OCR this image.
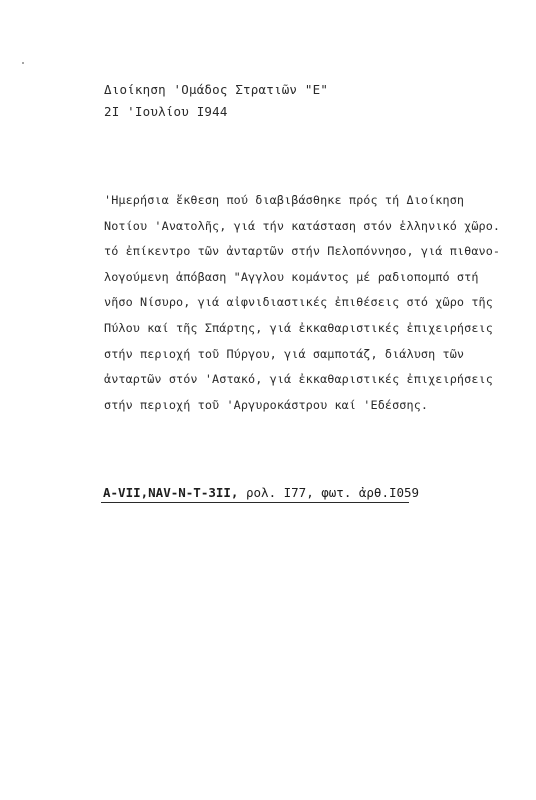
Διοίκηση 'Ομάδος Στρατιῶν "Ε"
2I 'Ιουλίου I944
'Ημερήσια ἔκθεση πού διαβιβάσθηκε πρός τή Διοίκηση
Νοτίου 'Ανατολῆς, γιά τήν κατάσταση στόν ἑλληνικό χῶρο.
τό ἐπίκεντρο τῶν ἀνταρτῶν στήν Πελοπόννησο, γιά πιθανο-
λογούμενη ἀπόβαση "Αγγλου κομάντος μέ ραδιοπομπό στή
νῆσο Νίσυρο, γιά αἰφνιδιαστικές ἐπιθέσεις στό χῶρο τῆς
Πύλου καί τῆς Σπάρτης, γιά ἐκκαθαριστικές ἐπιχειρήσεις
στήν περιοχή τοῦ Πύργου, γιά σαμποτάζ, διάλυση τῶν
ἀνταρτῶν στόν 'Αστακό, γιά ἐκκαθαριστικές ἐπιχειρήσεις
στήν περιοχή τοῦ 'Αργυροκάστρου καί 'Εδέσσης.
A-VII,NAV-N-T-3II, ρολ. I77, φωτ. ἀρθ.I059
